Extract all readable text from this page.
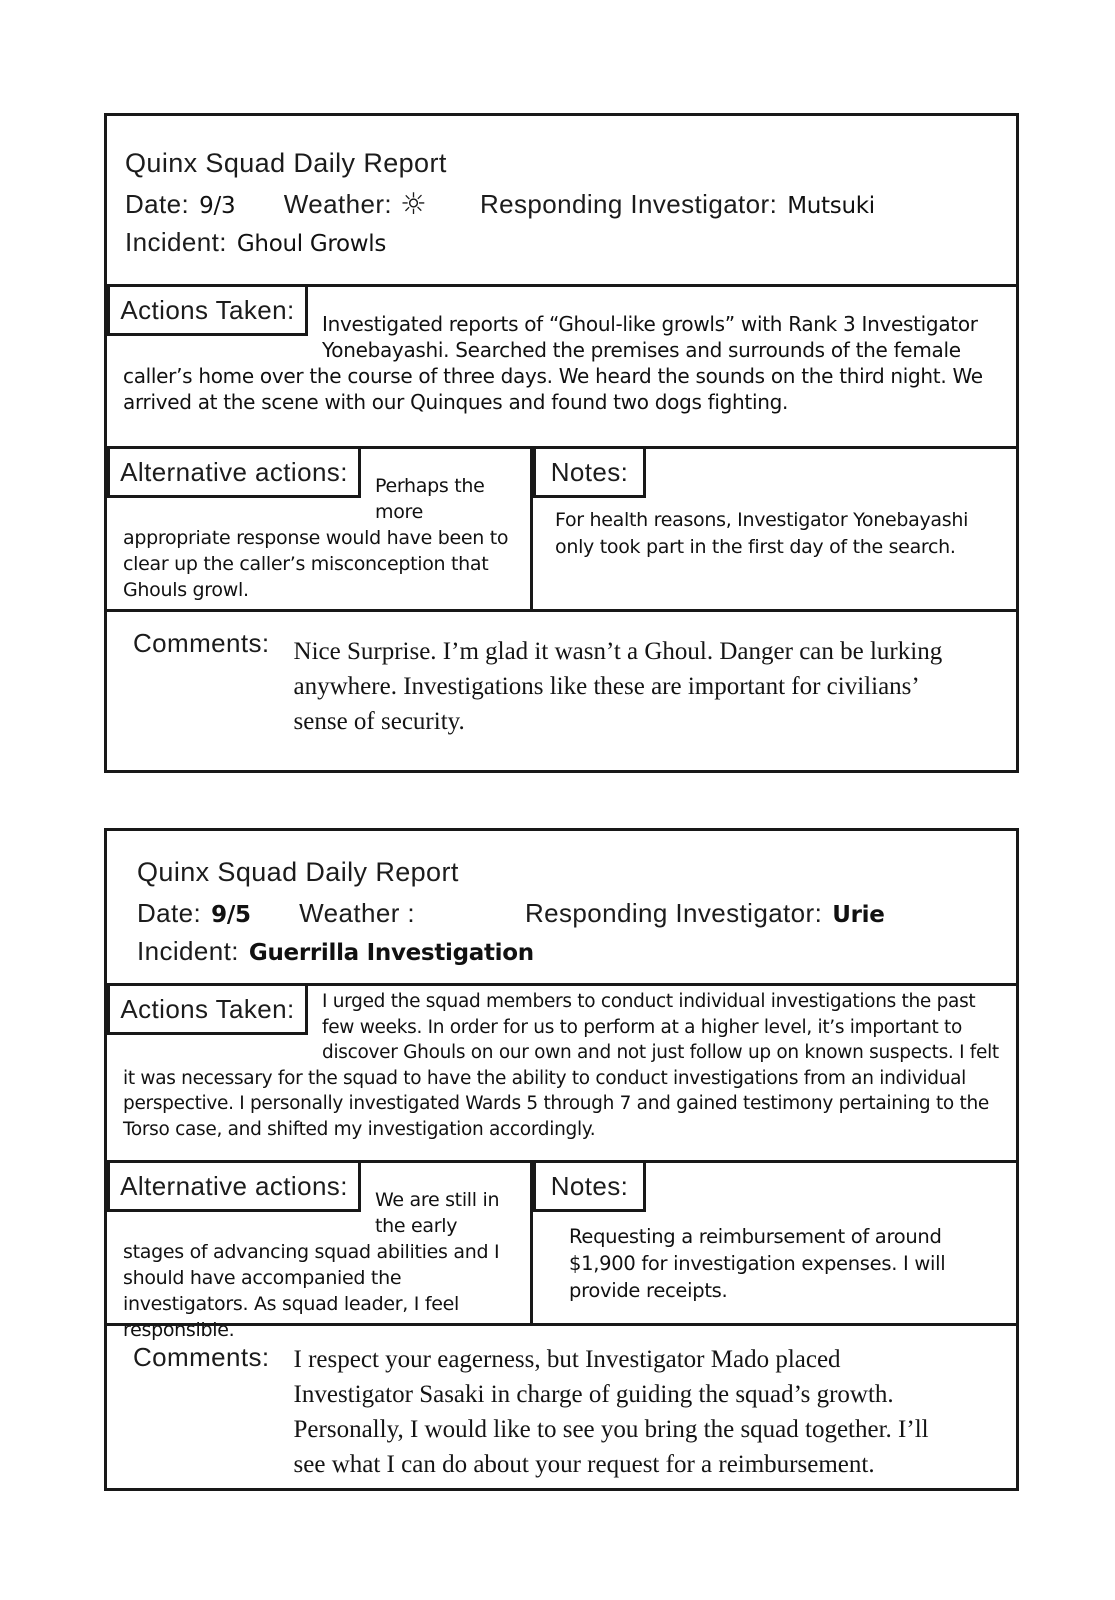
Quinx Squad Daily Report
Date: 9/3 Weather: ☼ Responding Investigator: Mutsuki
Incident: Ghoul Growls
Actions Taken:	Investigated reports of “Ghoul-like growls” with Rank 3 Investigator Yonebayashi. Searched the premises and surrounds of the female caller’s home over the course of three days. We heard the sounds on the third night. We arrived at the scene with our Quinques and found two dogs fighting.

Alternative actions:	Perhaps the more appropriate response would have been to clear up the caller’s misconception that Ghouls growl.

Notes:

For health reasons, Investigator Yonebayashi only took part in the first day of the search.

Comments: Nice Surprise. I’m glad it wasn’t a Ghoul. Danger can be lurking anywhere. Investigations like these are important for civilians’ sense of security.

Quinx Squad Daily Report
Date: 9/5 Weather :	Responding Investigator: Urie
Incident: Guerrilla Investigation
Actions Taken:	I urged the squad members to conduct individual investigations the past few weeks. In order for us to perform at a higher level, it’s important to discover Ghouls on our own and not just follow up on known suspects. I felt it was necessary for the squad to have the ability to conduct investigations from an individual perspective. I personally investigated Wards 5 through 7 and gained testimony pertaining to the Torso case, and shifted my investigation accordingly.

Alternative actions:	We are still in the early stages of advancing squad abilities and I should have accompanied the investigators. As squad leader, I feel responsible.

Notes:

Requesting a reimbursement of around $1,900 for investigation expenses. I will provide receipts.

Comments: I respect your eagerness, but Investigator Mado placed Investigator Sasaki in charge of guiding the squad’s growth. Personally, I would like to see you bring the squad together. I’ll see what I can do about your request for a reimbursement.
